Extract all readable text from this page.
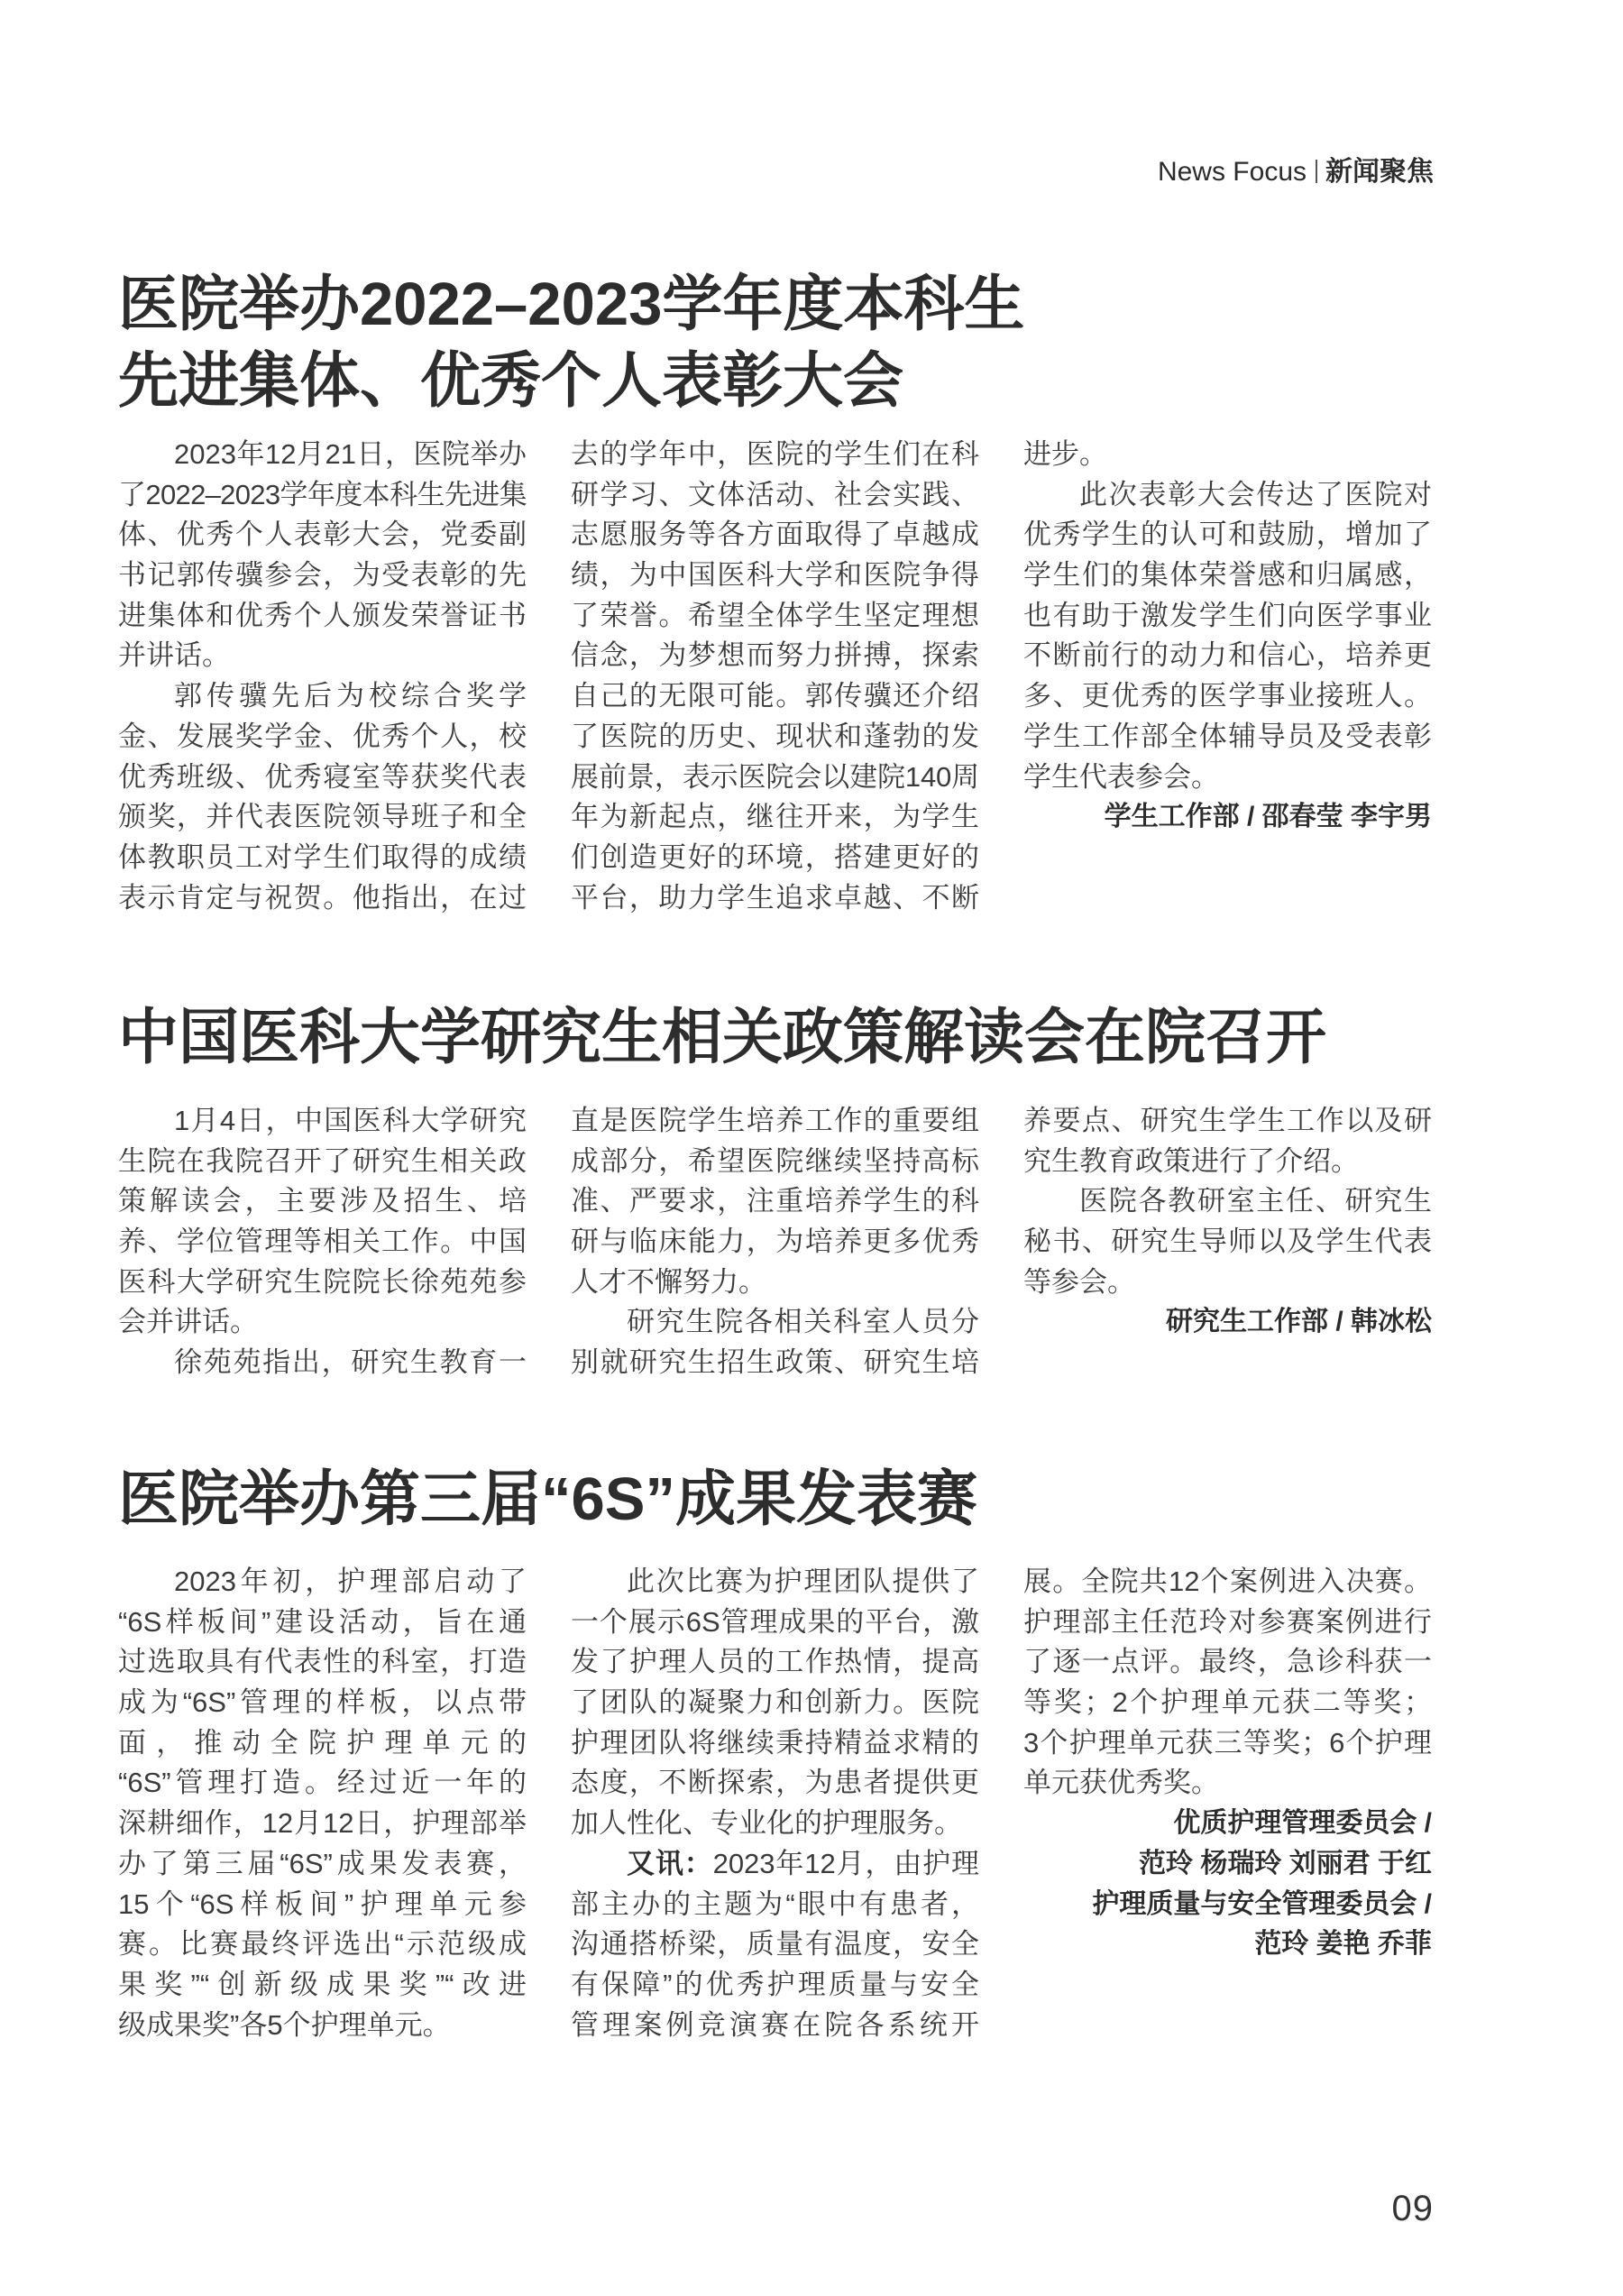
News Focus 新闻聚焦
医院举办2022–2023学年度本科生
先进集体、优秀个人表彰大会
2023年12月21日，医院举办
了2022–2023学年度本科生先进集
体、优秀个人表彰大会，党委副
书记郭传骥参会，为受表彰的先
进集体和优秀个人颁发荣誉证书
并讲话。
郭传骥先后为校综合奖学
金、发展奖学金、优秀个人，校
优秀班级、优秀寝室等获奖代表
颁奖，并代表医院领导班子和全
体教职员工对学生们取得的成绩
表示肯定与祝贺。他指出，在过
去的学年中，医院的学生们在科
研学习、文体活动、社会实践、
志愿服务等各方面取得了卓越成
绩，为中国医科大学和医院争得
了荣誉。希望全体学生坚定理想
信念，为梦想而努力拼搏，探索
自己的无限可能。郭传骥还介绍
了医院的历史、现状和蓬勃的发
展前景，表示医院会以建院140周
年为新起点，继往开来，为学生
们创造更好的环境，搭建更好的
平台，助力学生追求卓越、不断
进步。
此次表彰大会传达了医院对
优秀学生的认可和鼓励，增加了
学生们的集体荣誉感和归属感，
也有助于激发学生们向医学事业
不断前行的动力和信心，培养更
多、更优秀的医学事业接班人。
学生工作部全体辅导员及受表彰
学生代表参会。
学生工作部 / 邵春莹 李宇男
中国医科大学研究生相关政策解读会在院召开
1月4日，中国医科大学研究
生院在我院召开了研究生相关政
策解读会，主要涉及招生、培
养、学位管理等相关工作。中国
医科大学研究生院院长徐苑苑参
会并讲话。
徐苑苑指出，研究生教育一
直是医院学生培养工作的重要组
成部分，希望医院继续坚持高标
准、严要求，注重培养学生的科
研与临床能力，为培养更多优秀
人才不懈努力。
研究生院各相关科室人员分
别就研究生招生政策、研究生培
养要点、研究生学生工作以及研
究生教育政策进行了介绍。
医院各教研室主任、研究生
秘书、研究生导师以及学生代表
等参会。
研究生工作部 / 韩冰松
医院举办第三届“6S”成果发表赛
2023年初，护理部启动了
“6S样板间”建设活动，旨在通
过选取具有代表性的科室，打造
成为“6S”管理的样板，以点带
面，推动全院护理单元的
“6S”管理打造。经过近一年的
深耕细作，12月12日，护理部举
办了第三届“6S”成果发表赛，
15个“6S样板间”护理单元参
赛。比赛最终评选出“示范级成
果奖”“创新级成果奖”“改进
级成果奖”各5个护理单元。
此次比赛为护理团队提供了
一个展示6S管理成果的平台，激
发了护理人员的工作热情，提高
了团队的凝聚力和创新力。医院
护理团队将继续秉持精益求精的
态度，不断探索，为患者提供更
加人性化、专业化的护理服务。
又讯：2023年12月，由护理
部主办的主题为“眼中有患者，
沟通搭桥梁，质量有温度，安全
有保障”的优秀护理质量与安全
管理案例竞演赛在院各系统开
展。全院共12个案例进入决赛。
护理部主任范玲对参赛案例进行
了逐一点评。最终，急诊科获一
等奖；2个护理单元获二等奖；
3个护理单元获三等奖；6个护理
单元获优秀奖。
优质护理管理委员会 /
范玲 杨瑞玲 刘丽君 于红
护理质量与安全管理委员会 /
范玲 姜艳 乔菲
09
